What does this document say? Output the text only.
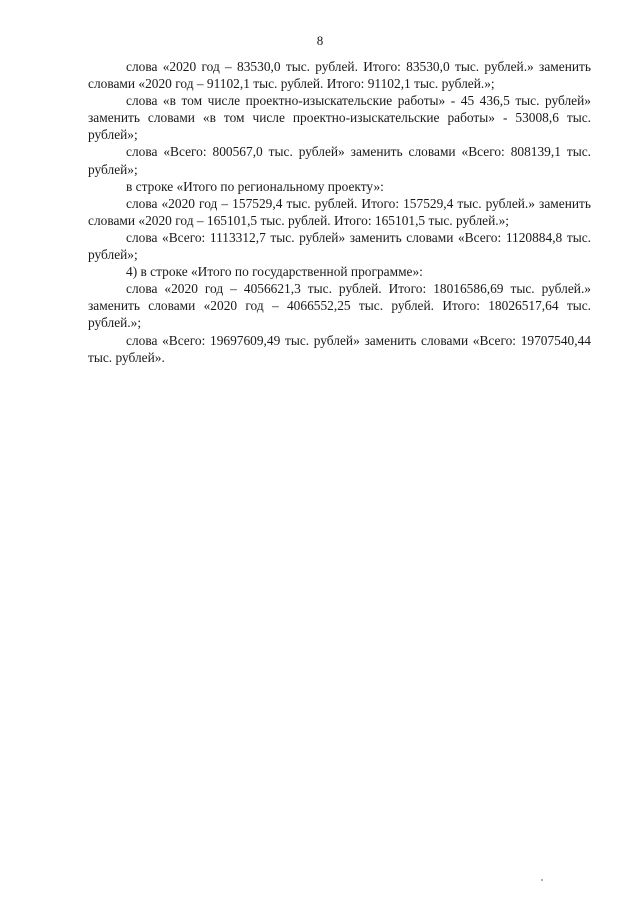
8

слова «2020 год – 83530,0 тыс. рублей. Итого: 83530,0 тыс. рублей.» заменить словами «2020 год – 91102,1 тыс. рублей. Итого: 91102,1 тыс. рублей.»;

слова «в том числе проектно-изыскательские работы» - 45 436,5 тыс. рублей» заменить словами «в том числе проектно-изыскательские работы» - 53008,6 тыс. рублей»;

слова «Всего: 800567,0 тыс. рублей» заменить словами «Всего: 808139,1 тыс. рублей»;

в строке «Итого по региональному проекту»:

слова «2020 год – 157529,4 тыс. рублей. Итого: 157529,4 тыс. рублей.» заменить словами «2020 год – 165101,5 тыс. рублей. Итого: 165101,5 тыс. рублей.»;

слова «Всего: 1113312,7 тыс. рублей» заменить словами «Всего: 1120884,8 тыс. рублей»;

4) в строке «Итого по государственной программе»:

слова «2020 год – 4056621,3 тыс. рублей. Итого: 18016586,69 тыс. рублей.» заменить словами «2020 год – 4066552,25 тыс. рублей. Итого: 18026517,64 тыс. рублей.»;

слова «Всего: 19697609,49 тыс. рублей» заменить словами «Всего: 19707540,44 тыс. рублей».
